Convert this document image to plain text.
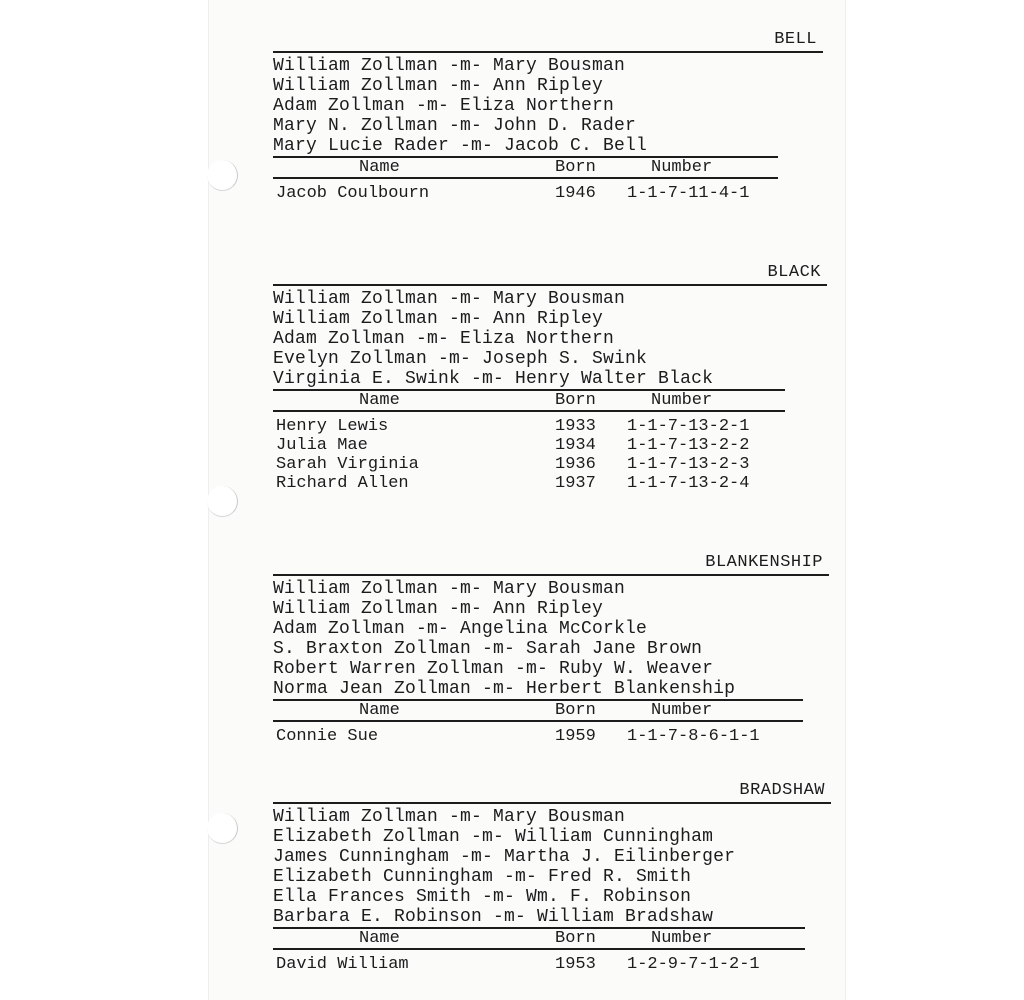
BELL
William Zollman -m- Mary Bousman
William Zollman -m- Ann Ripley
Adam Zollman -m- Eliza Northern
Mary N. Zollman -m- John D. Rader
Mary Lucie Rader -m- Jacob C. Bell
Name	Born	Number
Jacob Coulbourn	1946 1-1-7-11-4-1
BLACK
William Zollman -m- Mary Bousman
William Zollman -m- Ann Ripley
Adam Zollman -m- Eliza Northern
Evelyn Zollman -m- Joseph S. Swink
Virginia E. Swink -m- Henry Walter Black
Name	Born	Number
Henry Lewis	1933 1-1-7-13-2-1
Julia Mae	1934 1-1-7-13-2-2
Sarah Virginia	1936 1-1-7-13-2-3
Richard Allen	1937 1-1-7-13-2-4
BLANKENSHIP
William Zollman -m- Mary Bousman
William Zollman -m- Ann Ripley
Adam Zollman -m- Angelina McCorkle
S. Braxton Zollman -m- Sarah Jane Brown
Robert Warren Zollman -m- Ruby W. Weaver
Norma Jean Zollman -m- Herbert Blankenship
Name	Born	Number
Connie Sue	1959 1-1-7-8-6-1-1
BRADSHAW
William Zollman -m- Mary Bousman
Elizabeth Zollman -m- William Cunningham
James Cunningham -m- Martha J. Eilinberger
Elizabeth Cunningham -m- Fred R. Smith
Ella Frances Smith -m- Wm. F. Robinson
Barbara E. Robinson -m- William Bradshaw
Name	Born	Number
David William	1953 1-2-9-7-1-2-1
